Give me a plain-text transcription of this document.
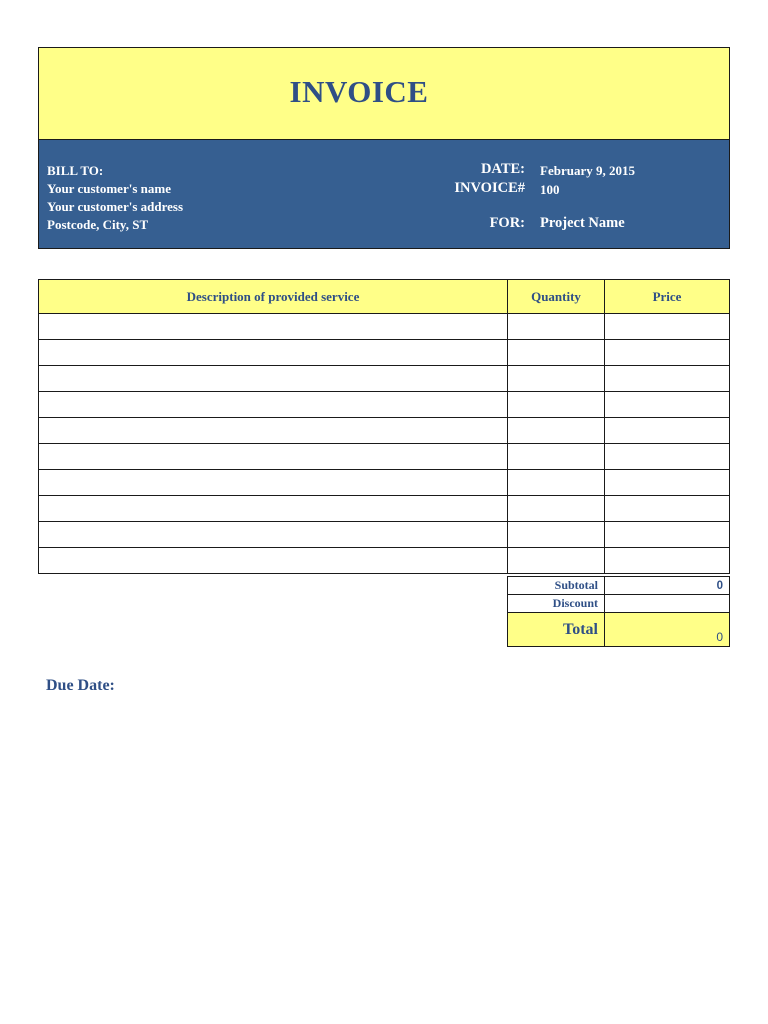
INVOICE
BILL TO:
Your customer's name
Your customer's address
Postcode, City, ST
DATE: February 9, 2015
INVOICE# 100
FOR: Project Name
Description of provided service	Quantity	Price

Subtotal	0
Discount	
Total	0
Due Date:
